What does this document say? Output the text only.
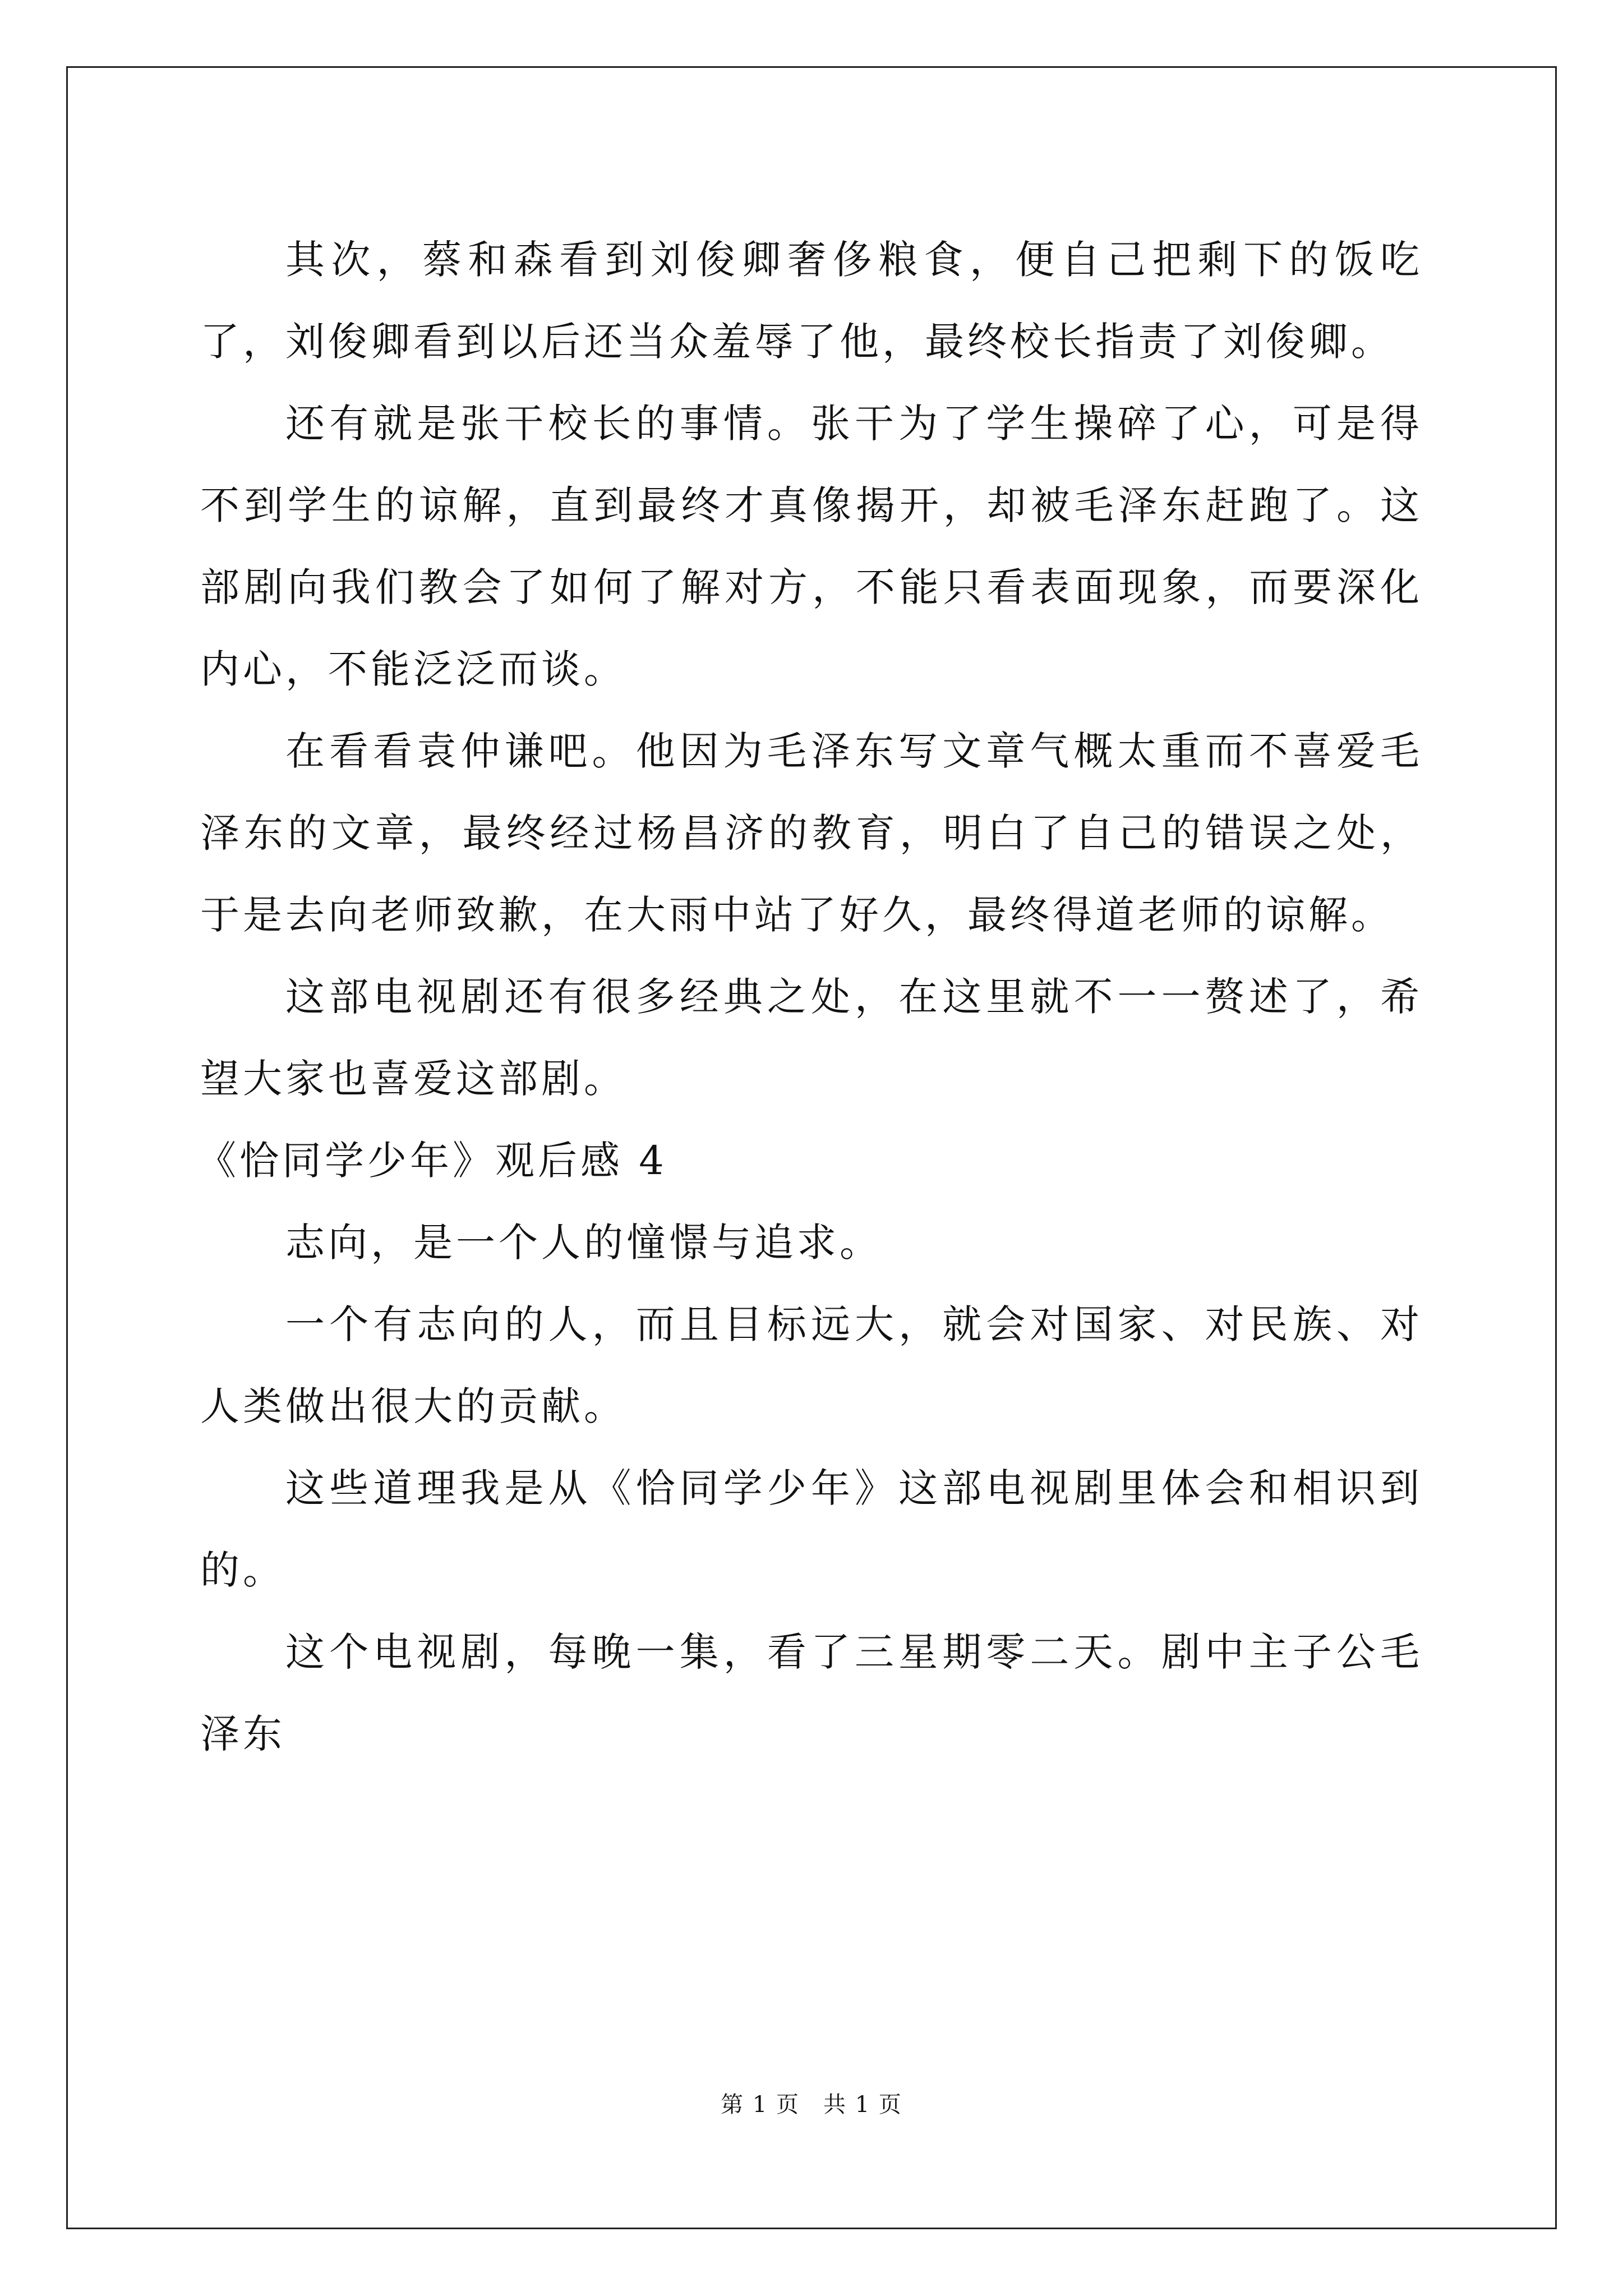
其次，蔡和森看到刘俊卿奢侈粮食，便自己把剩下的饭吃了，刘俊卿看到以后还当众羞辱了他，最终校长指责了刘俊卿。

还有就是张干校长的事情。张干为了学生操碎了心，可是得不到学生的谅解，直到最终才真像揭开，却被毛泽东赶跑了。这部剧向我们教会了如何了解对方，不能只看表面现象，而要深化内心，不能泛泛而谈。

在看看袁仲谦吧。他因为毛泽东写文章气概太重而不喜爱毛泽东的文章，最终经过杨昌济的教育，明白了自己的错误之处，于是去向老师致歉，在大雨中站了好久，最终得道老师的谅解。

这部电视剧还有很多经典之处，在这里就不一一赘述了，希望大家也喜爱这部剧。

《恰同学少年》观后感 4

志向，是一个人的憧憬与追求。

一个有志向的人，而且目标远大，就会对国家、对民族、对人类做出很大的贡献。

这些道理我是从《恰同学少年》这部电视剧里体会和相识到的。

这个电视剧，每晚一集，看了三星期零二天。剧中主子公毛泽东

第 1 页　共 1 页
